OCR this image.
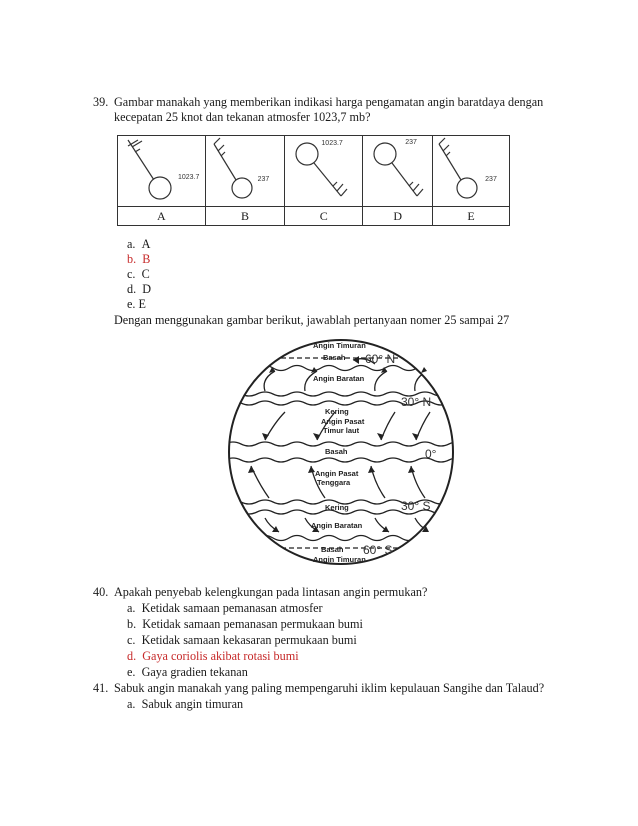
39. Gambar manakah yang memberikan indikasi harga pengamatan angin baratdaya dengan
kecepatan 25 knot dan tekanan atmosfer 1023,7 mb?
1023.7	237	1023.7	237	237

A	B	C	D	E
a. A
b. B
c. C
d. D
e. E
Dengan menggunakan gambar berikut, jawablah pertanyaan nomer 25 sampai 27
Angin Timuran
Basah
Angin Baratan
Kering
Angin Pasat
Timur laut
Basah
Angin Pasat
Tenggara
Kering
Angin Baratan
Basah
Angin Timuran
60° N
30° N
0°
30° S
60° S
40. Apakah penyebab kelengkungan pada lintasan angin permukan?
a. Ketidak samaan pemanasan atmosfer
b. Ketidak samaan pemanasan permukaan bumi
c. Ketidak samaan kekasaran permukaan bumi
d. Gaya coriolis akibat rotasi bumi
e. Gaya gradien tekanan
41. Sabuk angin manakah yang paling mempengaruhi iklim kepulauan Sangihe dan Talaud?
a. Sabuk angin timuran
